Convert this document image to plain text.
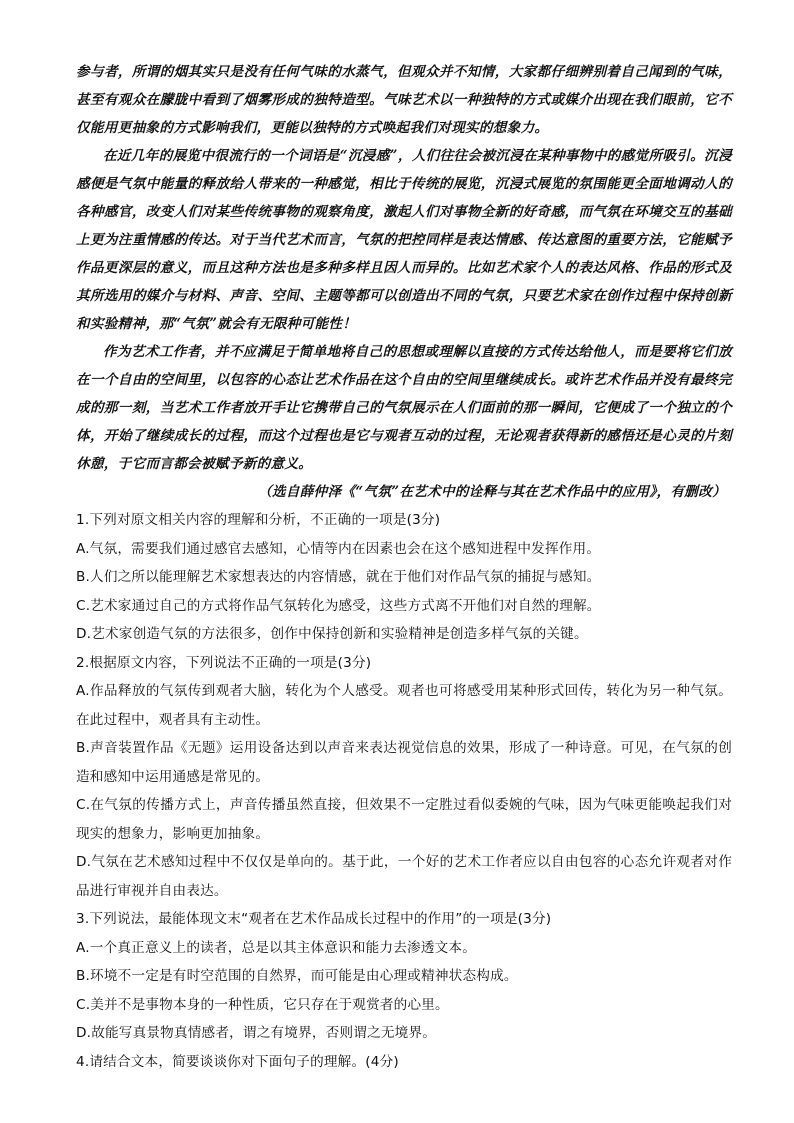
参与者，所谓的烟其实只是没有任何气味的水蒸气，但观众并不知情，大家都仔细辨别着自己闻到的气味，甚至有观众在朦胧中看到了烟雾形成的独特造型。气味艺术以一种独特的方式或媒介出现在我们眼前，它不仅能用更抽象的方式影响我们，更能以独特的方式唤起我们对现实的想象力。

在近几年的展览中很流行的一个词语是“沉浸感”，人们往往会被沉浸在某种事物中的感觉所吸引。沉浸感便是气氛中能量的释放给人带来的一种感觉，相比于传统的展览，沉浸式展览的氛围能更全面地调动人的各种感官，改变人们对某些传统事物的观察角度，激起人们对事物全新的好奇感，而气氛在环境交互的基础上更为注重情感的传达。对于当代艺术而言，气氛的把控同样是表达情感、传达意图的重要方法，它能赋予作品更深层的意义，而且这种方法也是多种多样且因人而异的。比如艺术家个人的表达风格、作品的形式及其所选用的媒介与材料、声音、空间、主题等都可以创造出不同的气氛，只要艺术家在创作过程中保持创新和实验精神，那“气氛”就会有无限种可能性！

作为艺术工作者，并不应满足于简单地将自己的思想或理解以直接的方式传达给他人，而是要将它们放在一个自由的空间里，以包容的心态让艺术作品在这个自由的空间里继续成长。或许艺术作品并没有最终完成的那一刻，当艺术工作者放开手让它携带自己的气氛展示在人们面前的那一瞬间，它便成了一个独立的个体，开始了继续成长的过程，而这个过程也是它与观者互动的过程，无论观者获得新的感悟还是心灵的片刻休憩，于它而言都会被赋予新的意义。

（选自薛仲泽《“气氛”在艺术中的诠释与其在艺术作品中的应用》，有删改）

1.下列对原文相关内容的理解和分析，不正确的一项是(3分)

A.气氛，需要我们通过感官去感知，心情等内在因素也会在这个感知进程中发挥作用。

B.人们之所以能理解艺术家想表达的内容情感，就在于他们对作品气氛的捕捉与感知。

C.艺术家通过自己的方式将作品气氛转化为感受，这些方式离不开他们对自然的理解。

D.艺术家创造气氛的方法很多，创作中保持创新和实验精神是创造多样气氛的关键。

2.根据原文内容，下列说法不正确的一项是(3分)

A.作品释放的气氛传到观者大脑，转化为个人感受。观者也可将感受用某种形式回传，转化为另一种气氛。在此过程中，观者具有主动性。

B.声音装置作品《无题》运用设备达到以声音来表达视觉信息的效果，形成了一种诗意。可见，在气氛的创造和感知中运用通感是常见的。

C.在气氛的传播方式上，声音传播虽然直接，但效果不一定胜过看似委婉的气味，因为气味更能唤起我们对现实的想象力，影响更加抽象。

D.气氛在艺术感知过程中不仅仅是单向的。基于此，一个好的艺术工作者应以自由包容的心态允许观者对作品进行审视并自由表达。

3.下列说法，最能体现文末“观者在艺术作品成长过程中的作用”的一项是(3分)

A.一个真正意义上的读者，总是以其主体意识和能力去渗透文本。

B.环境不一定是有时空范围的自然界，而可能是由心理或精神状态构成。

C.美并不是事物本身的一种性质，它只存在于观赏者的心里。

D.故能写真景物真情感者，谓之有境界，否则谓之无境界。

4.请结合文本，简要谈谈你对下面句子的理解。(4分)
